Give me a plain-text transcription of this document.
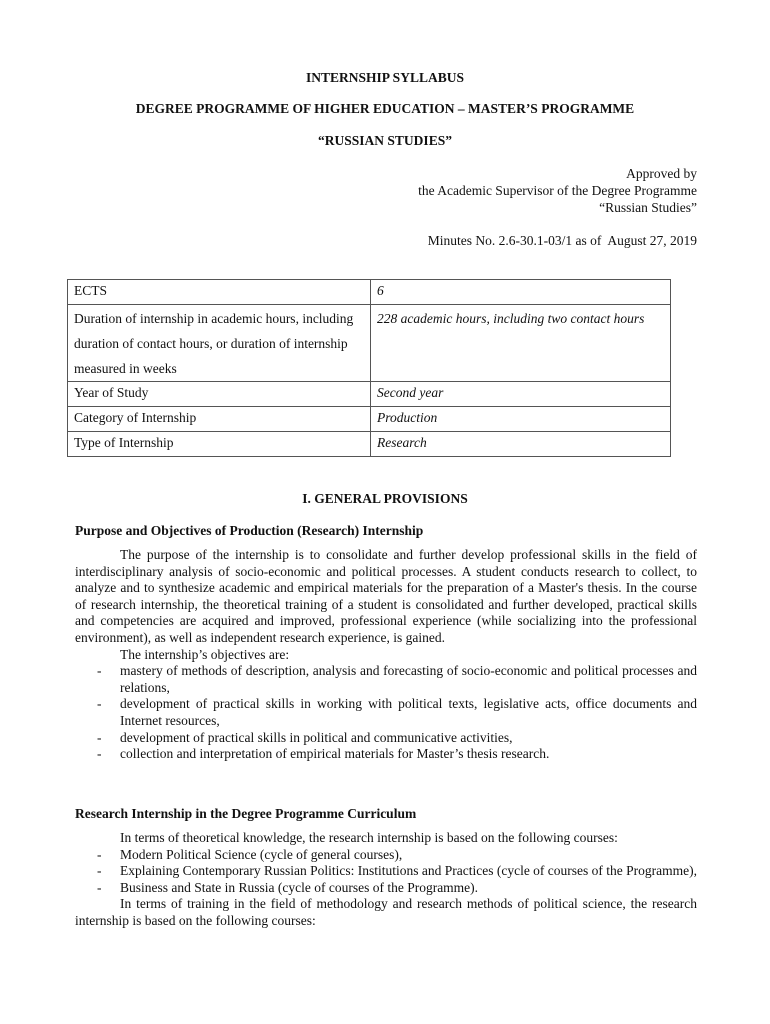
INTERNSHIP SYLLABUS
DEGREE PROGRAMME OF HIGHER EDUCATION – MASTER’S PROGRAMME
“RUSSIAN STUDIES”
Approved by
the Academic Supervisor of the Degree Programme
“Russian Studies”
Minutes No. 2.6-30.1-03/1 as of  August 27, 2019
ECTS	6
Duration of internship in academic hours, including duration of contact hours, or duration of internship measured in weeks	228 academic hours, including two contact hours
Year of Study	Second year
Category of Internship	Production
Type of Internship	Research
I. GENERAL PROVISIONS
Purpose and Objectives of Production (Research) Internship

The purpose of the internship is to consolidate and further develop professional skills in the field of interdisciplinary analysis of socio-economic and political processes. A student conducts research to collect, to analyze and to synthesize academic and empirical materials for the preparation of a Master's thesis. In the course of research internship, the theoretical training of a student is consolidated and further developed, practical skills and competencies are acquired and improved, professional experience (while socializing into the professional environment), as well as independent research experience, is gained.

The internship’s objectives are:

- mastery of methods of description, analysis and forecasting of socio-economic and political processes and relations,
- development of practical skills in working with political texts, legislative acts, office documents and Internet resources,
- development of practical skills in political and communicative activities,
- collection and interpretation of empirical materials for Master’s thesis research.
Research Internship in the Degree Programme Curriculum

In terms of theoretical knowledge, the research internship is based on the following courses:

- Modern Political Science (cycle of general courses),
- Explaining Contemporary Russian Politics: Institutions and Practices (cycle of courses of the Programme),
- Business and State in Russia (cycle of courses of the Programme).

In terms of training in the field of methodology and research methods of political science, the research internship is based on the following courses:
